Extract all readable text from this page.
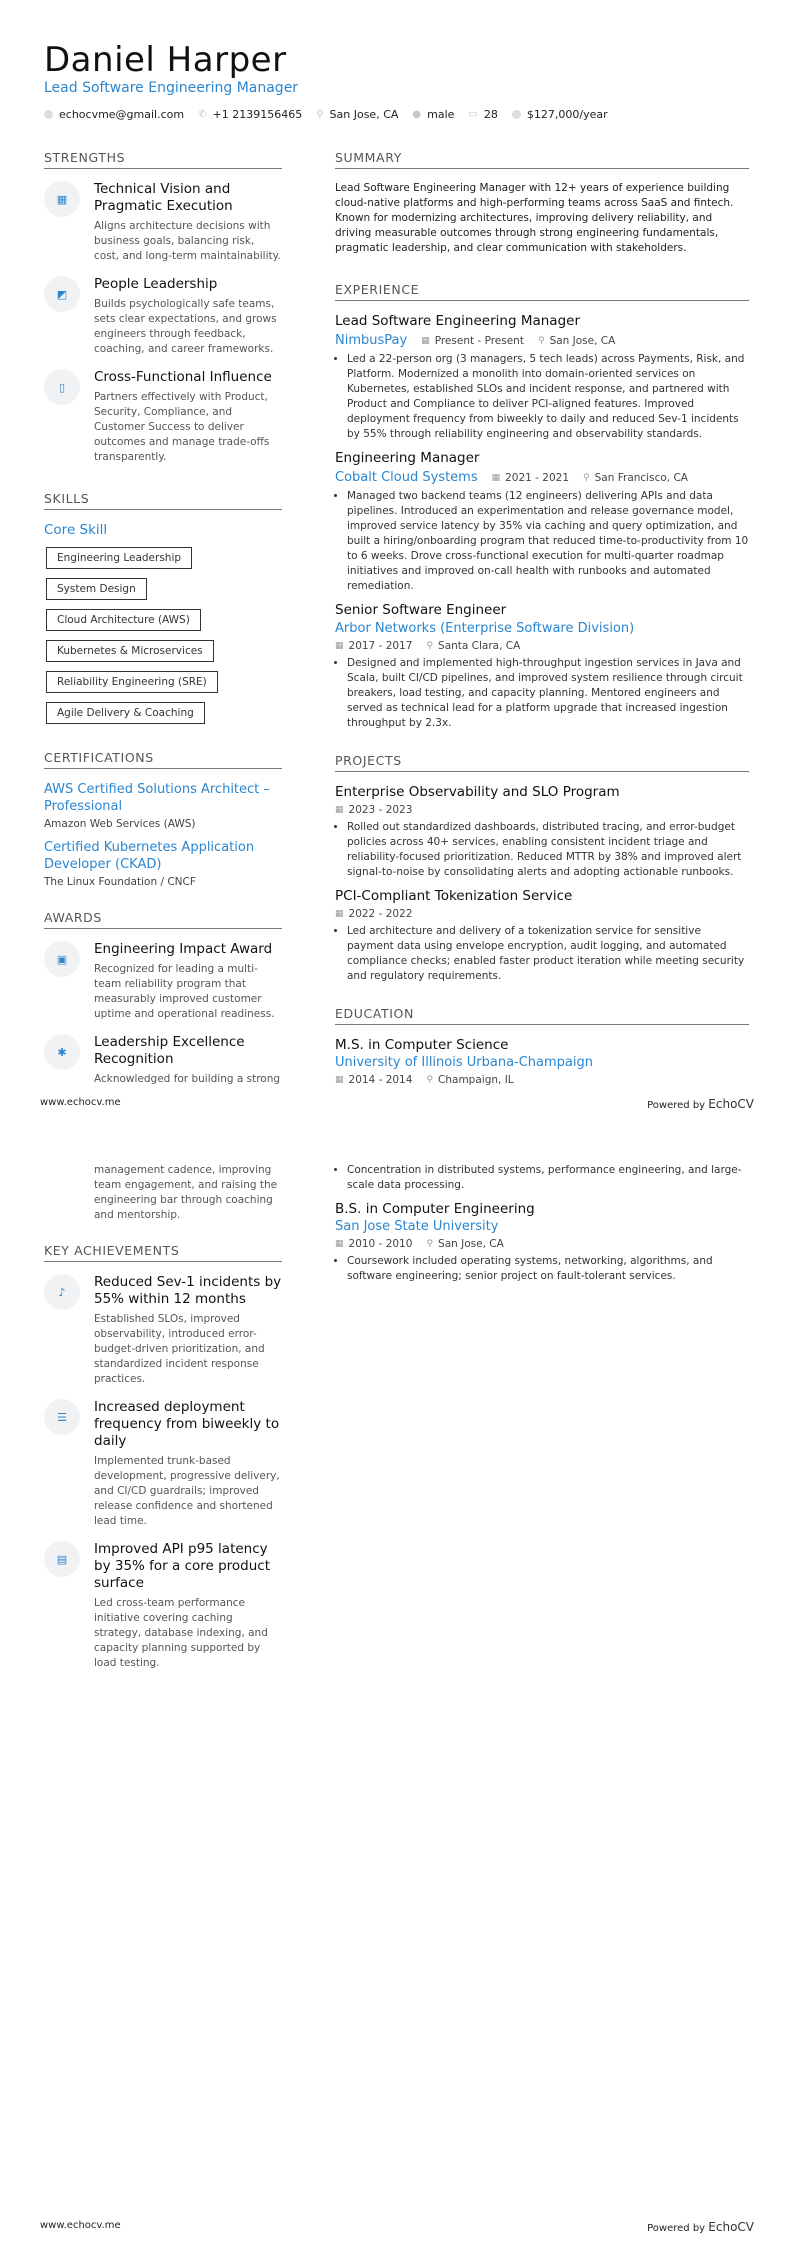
Daniel Harper
Lead Software Engineering Manager
echocvme@gmail.com ✆ +1 2139156465 ⚲ San Jose, CA ● male ▭ 28	$127,000/year
STRENGTHS
▦
Technical Vision and Pragmatic Execution
Aligns architecture decisions with business goals, balancing risk, cost, and long-term maintainability.
◩
People Leadership
Builds psychologically safe teams, sets clear expectations, and grows engineers through feedback, coaching, and career frameworks.
▯
Cross-Functional Influence
Partners effectively with Product, Security, Compliance, and Customer Success to deliver outcomes and manage trade-offs transparently.
SKILLS
Core Skill
Engineering Leadership
System Design
Cloud Architecture (AWS)
Kubernetes & Microservices
Reliability Engineering (SRE)
Agile Delivery & Coaching
CERTIFICATIONS
AWS Certified Solutions Architect – Professional
Amazon Web Services (AWS)
Certified Kubernetes Application Developer (CKAD)
The Linux Foundation / CNCF
AWARDS
▣
Engineering Impact Award
Recognized for leading a multi-team reliability program that measurably improved customer uptime and operational readiness.
✱
Leadership Excellence Recognition
Acknowledged for building a strong
SUMMARY
Lead Software Engineering Manager with 12+ years of experience building cloud-native platforms and high-performing teams across SaaS and fintech. Known for modernizing architectures, improving delivery reliability, and driving measurable outcomes through strong engineering fundamentals, pragmatic leadership, and clear communication with stakeholders.
EXPERIENCE
Lead Software Engineering Manager
NimbusPay ▦ Present - Present ⚲ San Jose, CA
• Led a 22-person org (3 managers, 5 tech leads) across Payments, Risk, and Platform. Modernized a monolith into domain-oriented services on Kubernetes, established SLOs and incident response, and partnered with Product and Compliance to deliver PCI-aligned features. Improved deployment frequency from biweekly to daily and reduced Sev-1 incidents by 55% through reliability engineering and observability standards.
Engineering Manager
Cobalt Cloud Systems ▦ 2021 - 2021 ⚲ San Francisco, CA
• Managed two backend teams (12 engineers) delivering APIs and data pipelines. Introduced an experimentation and release governance model, improved service latency by 35% via caching and query optimization, and built a hiring/onboarding program that reduced time-to-productivity from 10 to 6 weeks. Drove cross-functional execution for multi-quarter roadmap initiatives and improved on-call health with runbooks and automated remediation.
Senior Software Engineer
Arbor Networks (Enterprise Software Division)
▦ 2017 - 2017 ⚲ Santa Clara, CA
• Designed and implemented high-throughput ingestion services in Java and Scala, built CI/CD pipelines, and improved system resilience through circuit breakers, load testing, and capacity planning. Mentored engineers and served as technical lead for a platform upgrade that increased ingestion throughput by 2.3x.
PROJECTS
Enterprise Observability and SLO Program
▦ 2023 - 2023
• Rolled out standardized dashboards, distributed tracing, and error-budget policies across 40+ services, enabling consistent incident triage and reliability-focused prioritization. Reduced MTTR by 38% and improved alert signal-to-noise by consolidating alerts and adopting actionable runbooks.
PCI-Compliant Tokenization Service
▦ 2022 - 2022
• Led architecture and delivery of a tokenization service for sensitive payment data using envelope encryption, audit logging, and automated compliance checks; enabled faster product iteration while meeting security and regulatory requirements.
EDUCATION
M.S. in Computer Science
University of Illinois Urbana-Champaign
▦ 2014 - 2014 ⚲ Champaign, IL
www.echocv.me	Powered by EchoCV
management cadence, improving team engagement, and raising the engineering bar through coaching and mentorship.
KEY ACHIEVEMENTS
♪
Reduced Sev-1 incidents by 55% within 12 months
Established SLOs, improved observability, introduced error-budget-driven prioritization, and standardized incident response practices.
☰
Increased deployment frequency from biweekly to daily
Implemented trunk-based development, progressive delivery, and CI/CD guardrails; improved release confidence and shortened lead time.
▤
Improved API p95 latency by 35% for a core product surface
Led cross-team performance initiative covering caching strategy, database indexing, and capacity planning supported by load testing.
• Concentration in distributed systems, performance engineering, and large-scale data processing.
B.S. in Computer Engineering
San Jose State University
▦ 2010 - 2010 ⚲ San Jose, CA
• Coursework included operating systems, networking, algorithms, and software engineering; senior project on fault-tolerant services.
www.echocv.me	Powered by EchoCV
